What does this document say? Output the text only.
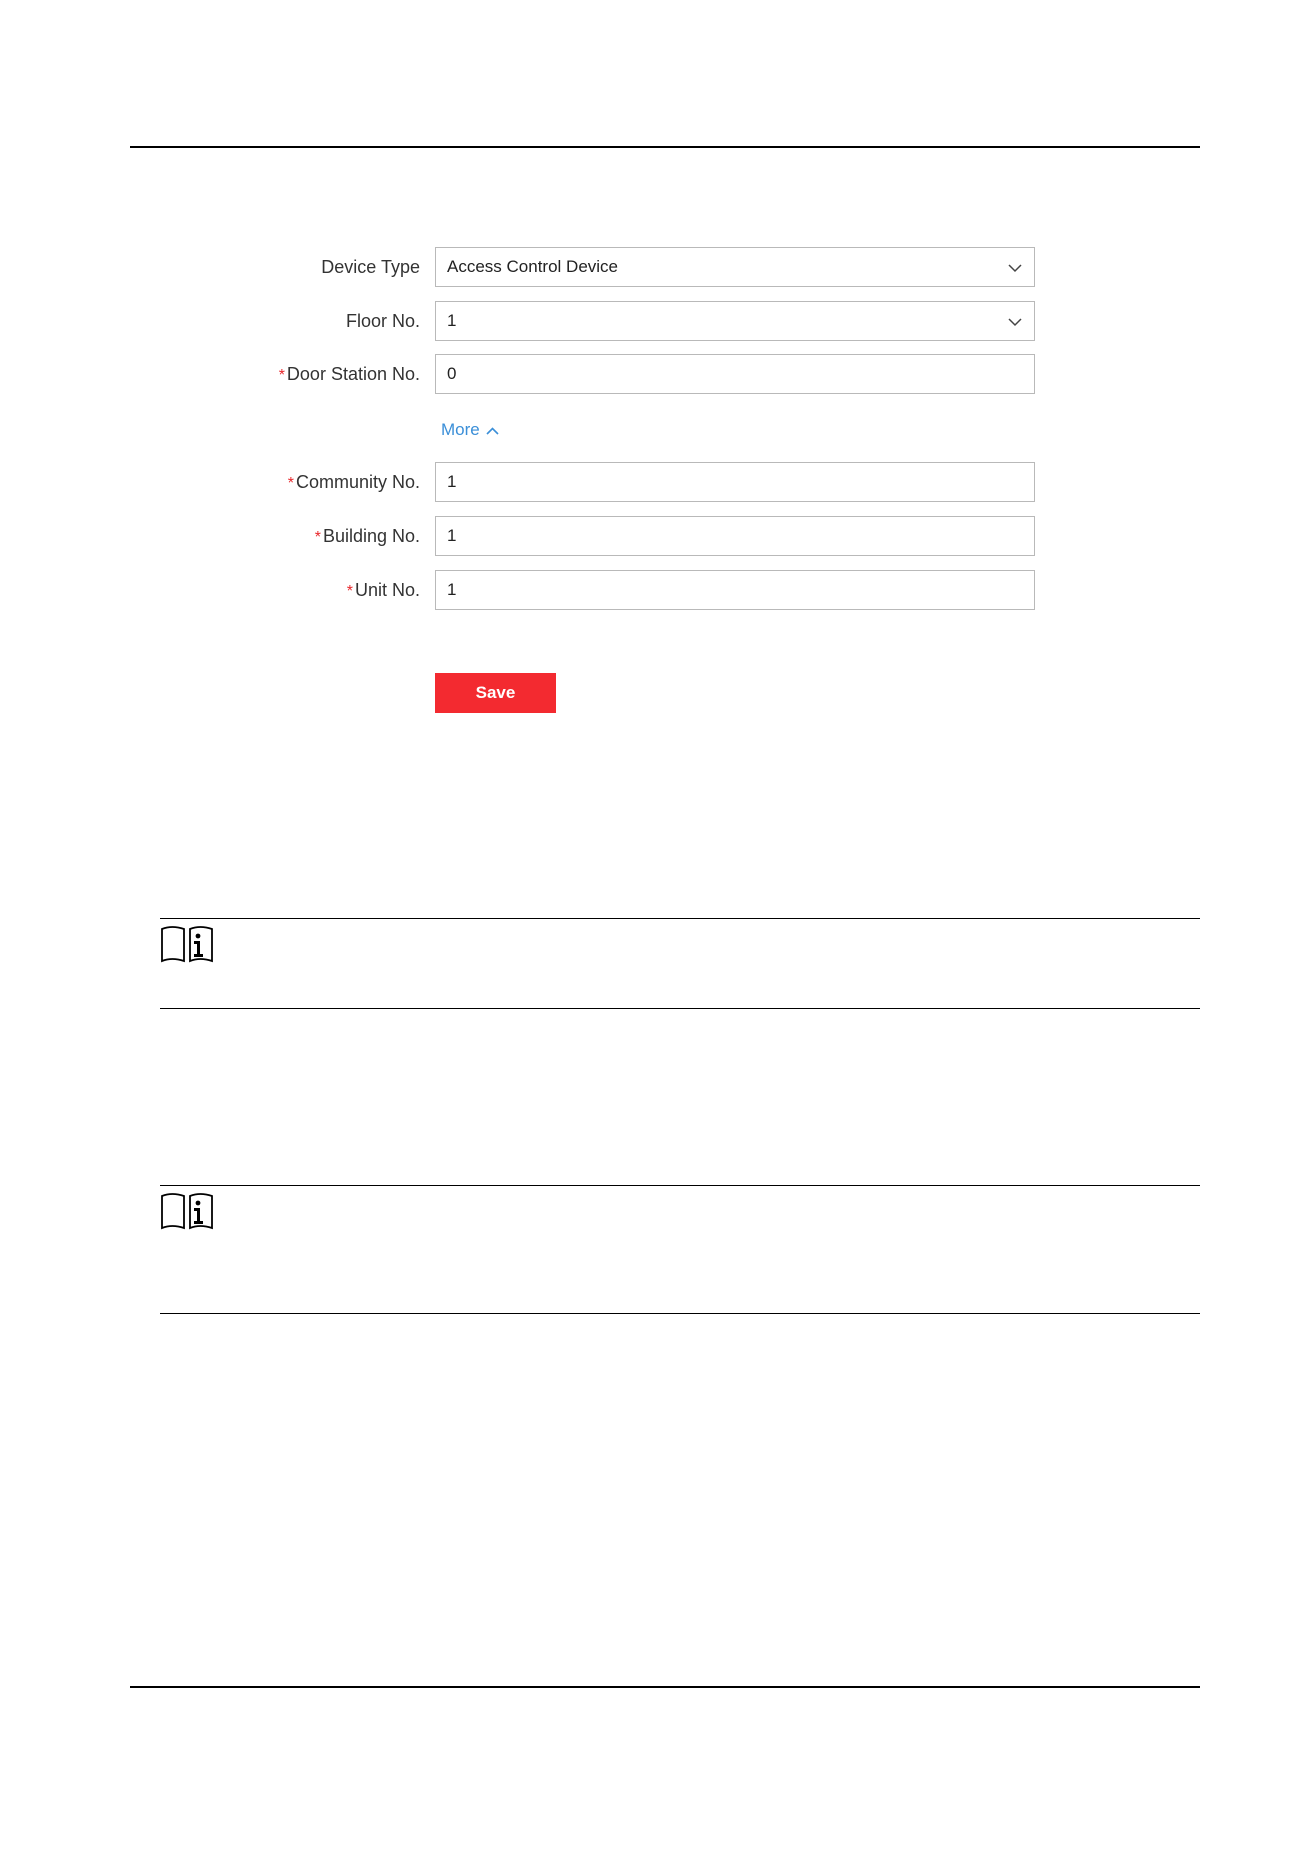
Device Type	Access Control Device
Floor No.	1
* Door Station No.	0
More
* Community No.	1
* Building No.	1
* Unit No.	1
Save
